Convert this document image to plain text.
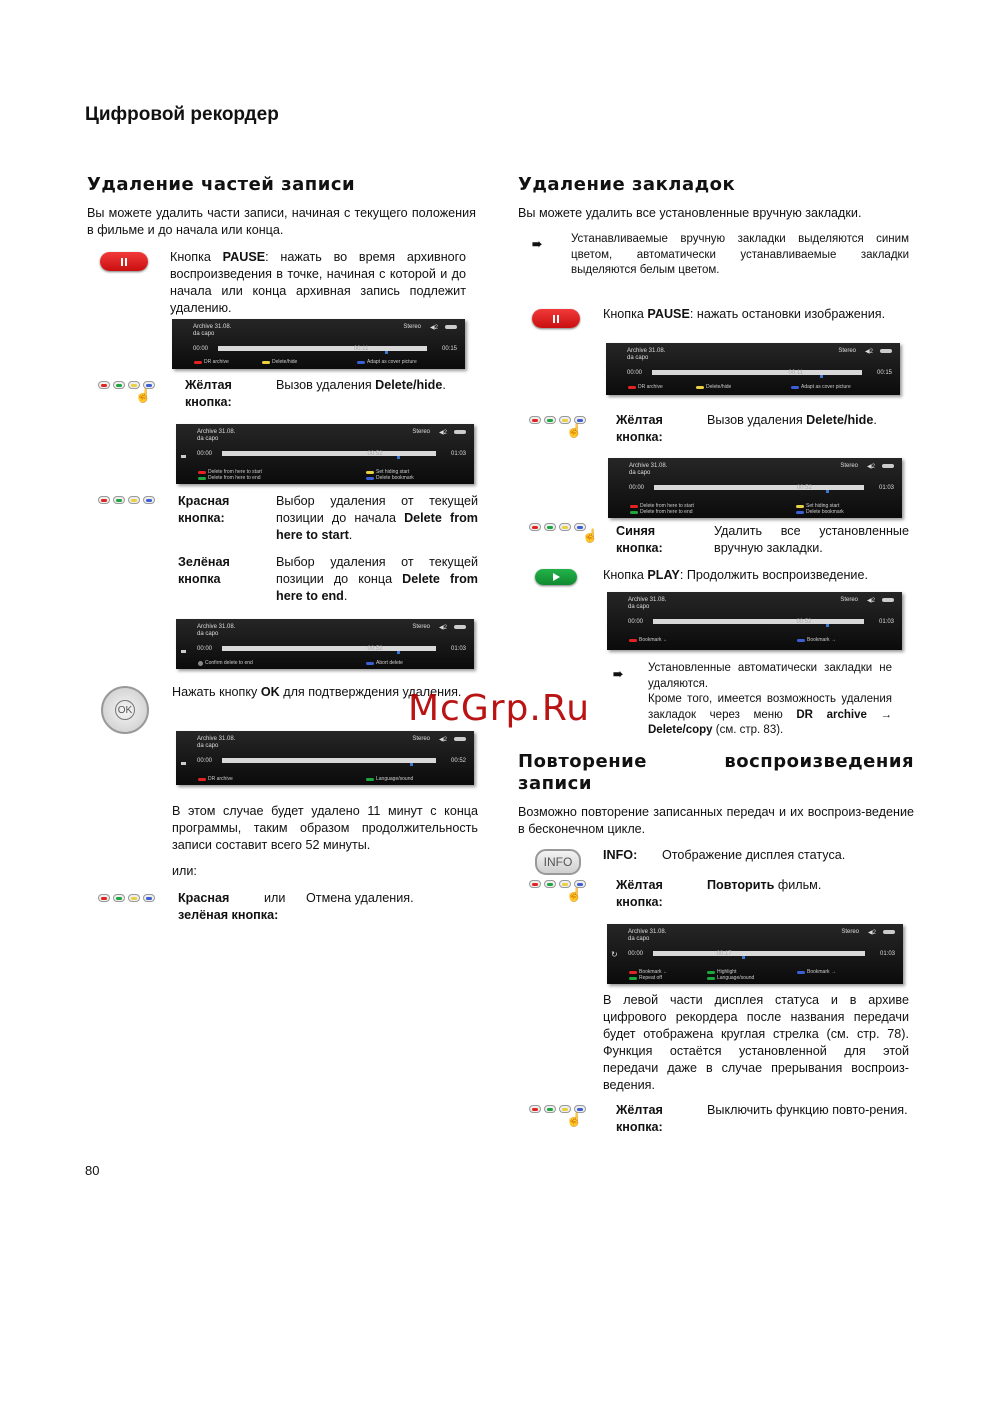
Цифровой рекордер
Удаление частей записи
Вы можете удалить части записи, начиная с текущего положения в фильме и до начала или конца.
Кнопка PAUSE: нажать во время архивного воспроизведения в точке, начиная с которой и до начала или конца архивная запись подлежит удалению.
Archive 31.08.
da capo
Stereo ◀2
00:00	00:11	00:15
DR archive	Delete/hide	Adapt as cover picture
☝
Жёлтая кнопка:
Вызов удаления Delete/hide.
Archive 31.08.
da capo
Stereo ◀2
00:00	00:52	01:03
Delete from here to start
Delete from here to end
Set hiding start
Delete bookmark
Красная кнопка:
Выбор удаления от текущей позиции до начала Delete from here to start.
Зелёная кнопка
Выбор удаления от текущей позиции до конца Delete from here to end.
Archive 31.08.
da capo
Stereo ◀2
00:00	00:52	01:03
Confirm delete to end	Abort delete
OK
Нажать кнопку OK для подтверждения удаления.
Archive 31.08.
da capo
Stereo ◀2
00:00	00:52
DR archive	Language/sound
В этом случае будет удалено 11 минут с конца программы, таким образом продолжительность записи составит всего 52 минуты.
или:
Красная	или
зелёная кнопка:
Отмена удаления.
80
Удаление закладок
Вы можете удалить все установленные вручную закладки.
➠	Устанавливаемые вручную закладки выделяются синим цветом, автоматически устанавливаемые закладки выделяются белым цветом.
Кнопка PAUSE: нажать остановки изображения.
Archive 31.08.
da capo
Stereo ◀2
00:00	00:11	00:15
DR archive	Delete/hide	Adapt as cover picture
☝
Жёлтая кнопка:
Вызов удаления Delete/hide.
Archive 31.08.
da capo
Stereo ◀2
00:00	00:52	01:03
Delete from here to start
Delete from here to end
Set hiding start
Delete bookmark
☝ Синяя кнопка:
Удалить все установленные вручную закладки.
Кнопка PLAY: Продолжить воспроизведение.
Archive 31.08.
da capo
Stereo ◀2
00:00	00:52	01:03
Bookmark ←	Bookmark →
➠ Установленные автоматически закладки не удаляются.
Кроме того, имеется возможность удаления закладок через меню DR archive → Delete/copy (см. стр. 83).
Повторение	воспроизведения
записи
Возможно повторение записанных передач и их воспроиз-ведение в бесконечном цикле.
INFO	INFO: Отображение дисплея статуса.
☝
Жёлтая кнопка:
Повторить фильм.
Archive 31.08.
da capo
Stereo ◀2
↻ 00:00	00:17	01:03
Bookmark ←
Repeat off
Highlight
Language/sound
Bookmark →
В левой части дисплея статуса и в архиве цифрового рекордера после названия передачи будет отображена круглая стрелка (см. стр. 78). Функция остаётся установленной для этой передачи даже в случае прерывания воспроиз-ведения.
☝
Жёлтая кнопка:
Выключить функцию повто-рения.
McGrp.Ru
